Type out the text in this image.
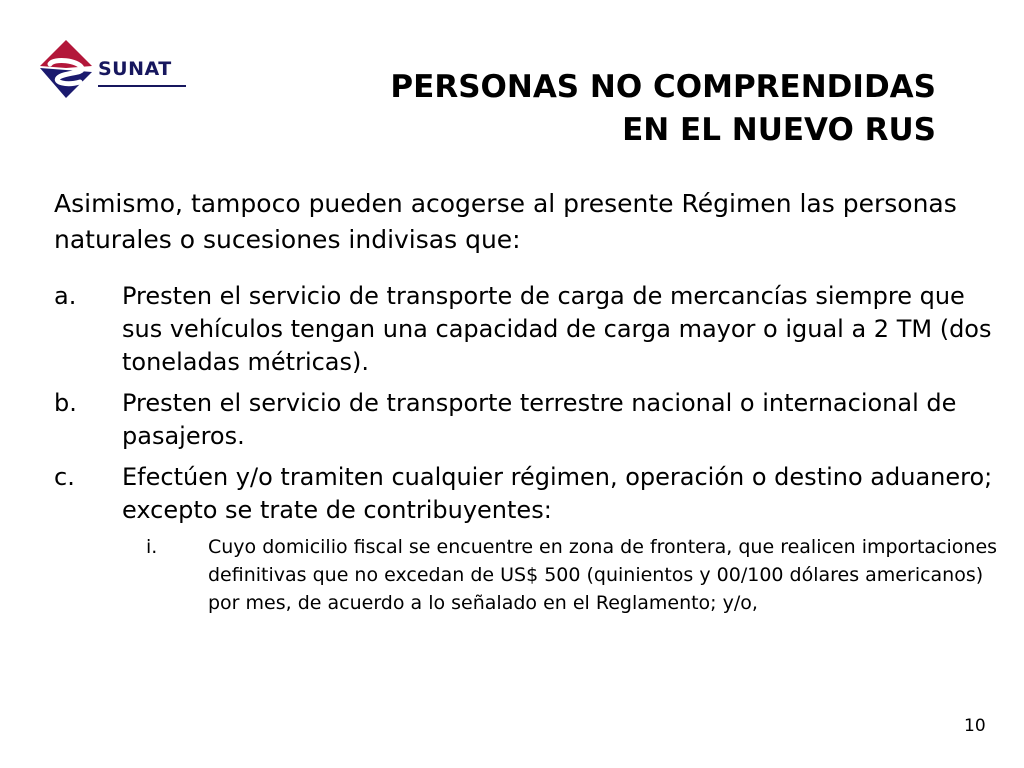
SUNAT	PERSONAS NO COMPRENDIDAS
EN EL NUEVO RUS
Asimismo, tampoco pueden acogerse al presente Régimen las personas naturales o sucesiones indivisas que:
a. Presten el servicio de transporte de carga de mercancías siempre que sus vehículos tengan una capacidad de carga mayor o igual a 2 TM (dos toneladas métricas).
b. Presten el servicio de transporte terrestre nacional o internacional de pasajeros.
c. Efectúen y/o tramiten cualquier régimen, operación o destino aduanero; excepto se trate de contribuyentes:
i.	Cuyo domicilio fiscal se encuentre en zona de frontera, que realicen importaciones definitivas que no excedan de US$ 500 (quinientos y 00/100 dólares americanos) por mes, de acuerdo a lo señalado en el Reglamento; y/o,
10
